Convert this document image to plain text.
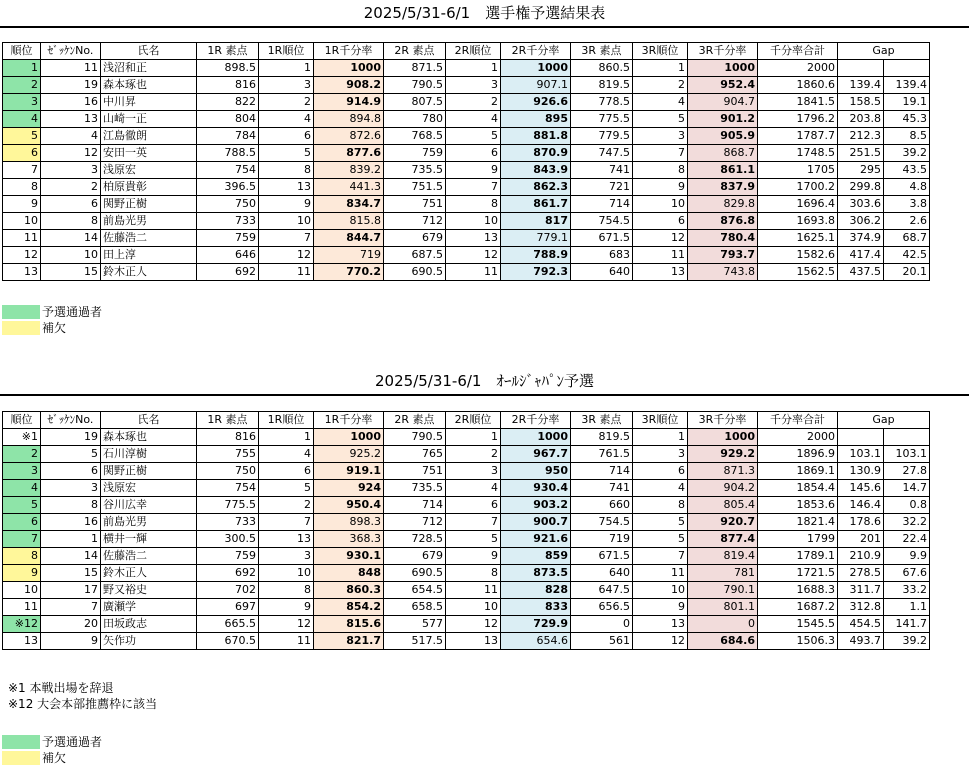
2025/5/31-6/1　選手権予選結果表
順位	ｾﾞｯｹﾝNo.	氏名	1R 素点	1R順位	1R千分率	2R 素点	2R順位	2R千分率	3R 素点	3R順位	3R千分率	千分率合計	Gap	
1	11	浅沼和正	898.5	1	1000	871.5	1	1000	860.5	1	1000	2000		
2	19	森本琢也	816	3	908.2	790.5	3	907.1	819.5	2	952.4	1860.6	139.4	139.4
3	16	中川昇	822	2	914.9	807.5	2	926.6	778.5	4	904.7	1841.5	158.5	19.1
4	13	山崎一正	804	4	894.8	780	4	895	775.5	5	901.2	1796.2	203.8	45.3
5	4	江島徹朗	784	6	872.6	768.5	5	881.8	779.5	3	905.9	1787.7	212.3	8.5
6	12	安田一英	788.5	5	877.6	759	6	870.9	747.5	7	868.7	1748.5	251.5	39.2
7	3	浅原宏	754	8	839.2	735.5	9	843.9	741	8	861.1	1705	295	43.5
8	2	柏原貴彰	396.5	13	441.3	751.5	7	862.3	721	9	837.9	1700.2	299.8	4.8
9	6	関野正樹	750	9	834.7	751	8	861.7	714	10	829.8	1696.4	303.6	3.8
10	8	前島光男	733	10	815.8	712	10	817	754.5	6	876.8	1693.8	306.2	2.6
11	14	佐藤浩二	759	7	844.7	679	13	779.1	671.5	12	780.4	1625.1	374.9	68.7
12	10	田上淳	646	12	719	687.5	12	788.9	683	11	793.7	1582.6	417.4	42.5
13	15	鈴木正人	692	11	770.2	690.5	11	792.3	640	13	743.8	1562.5	437.5	20.1
予選通過者
補欠
2025/5/31-6/1　ｵｰﾙｼﾞｬﾊﾟﾝ予選
順位	ｾﾞｯｹﾝNo.	氏名	1R 素点	1R順位	1R千分率	2R 素点	2R順位	2R千分率	3R 素点	3R順位	3R千分率	千分率合計	Gap	
※1	19	森本琢也	816	1	1000	790.5	1	1000	819.5	1	1000	2000		
2	5	石川淳樹	755	4	925.2	765	2	967.7	761.5	3	929.2	1896.9	103.1	103.1
3	6	関野正樹	750	6	919.1	751	3	950	714	6	871.3	1869.1	130.9	27.8
4	3	浅原宏	754	5	924	735.5	4	930.4	741	4	904.2	1854.4	145.6	14.7
5	8	谷川広幸	775.5	2	950.4	714	6	903.2	660	8	805.4	1853.6	146.4	0.8
6	16	前島光男	733	7	898.3	712	7	900.7	754.5	5	920.7	1821.4	178.6	32.2
7	1	横井一輝	300.5	13	368.3	728.5	5	921.6	719	5	877.4	1799	201	22.4
8	14	佐藤浩二	759	3	930.1	679	9	859	671.5	7	819.4	1789.1	210.9	9.9
9	15	鈴木正人	692	10	848	690.5	8	873.5	640	11	781	1721.5	278.5	67.6
10	17	野又裕史	702	8	860.3	654.5	11	828	647.5	10	790.1	1688.3	311.7	33.2
11	7	廣瀬学	697	9	854.2	658.5	10	833	656.5	9	801.1	1687.2	312.8	1.1
※12	20	田坂政志	665.5	12	815.6	577	12	729.9	0	13	0	1545.5	454.5	141.7
13	9	矢作功	670.5	11	821.7	517.5	13	654.6	561	12	684.6	1506.3	493.7	39.2
※1 本戦出場を辞退
※12 大会本部推薦枠に該当
予選通過者
補欠
